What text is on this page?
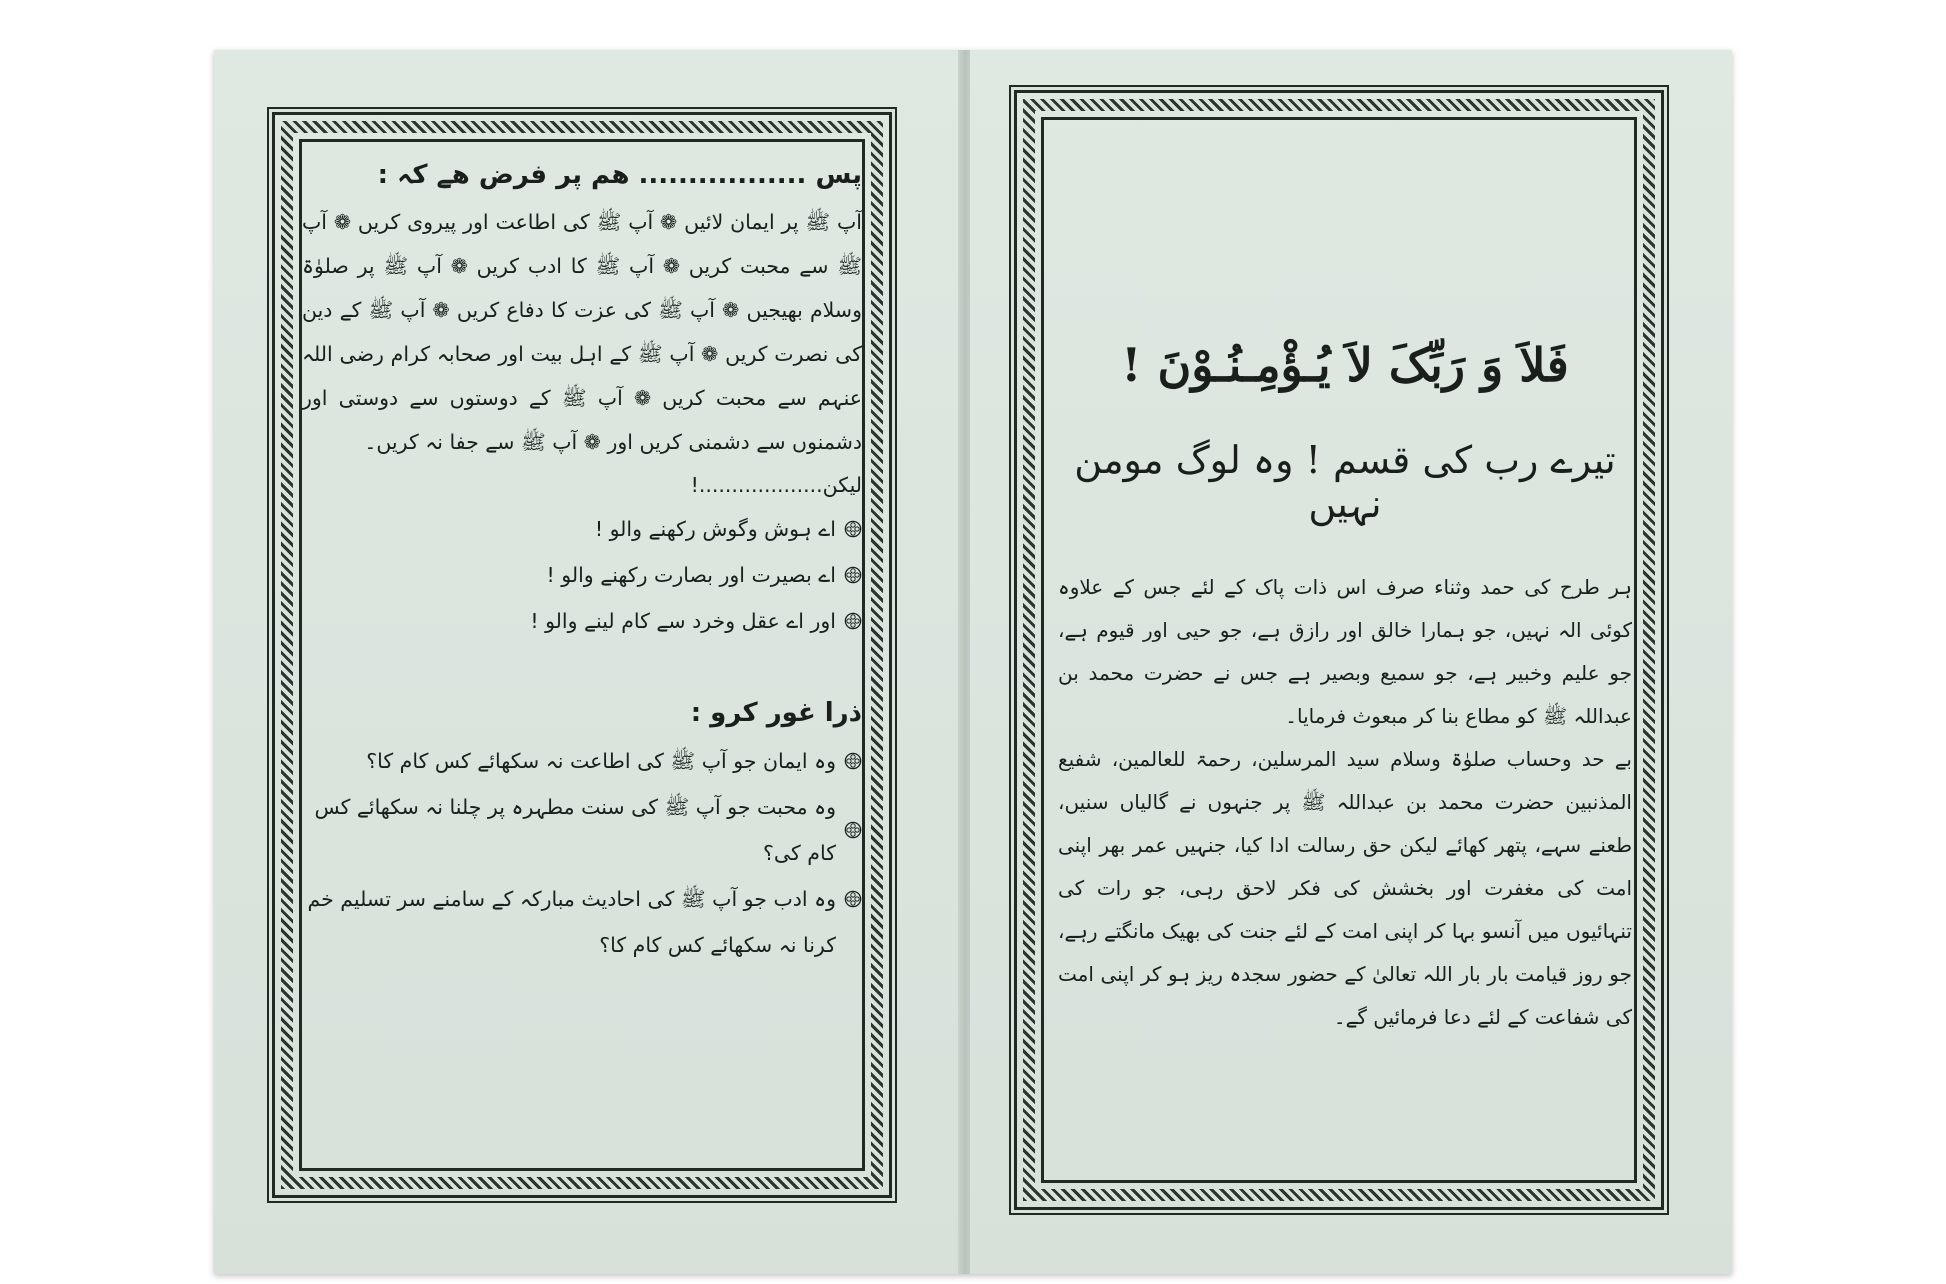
پس ................. ھم پر فرض ھے کہ :

آپ ﷺ پر ایمان لائیں ❁ آپ ﷺ کی اطاعت اور پیروی کریں ❁ آپ ﷺ سے محبت کریں ❁ آپ ﷺ کا ادب کریں ❁ آپ ﷺ پر صلوٰۃ وسلام بھیجیں ❁ آپ ﷺ کی عزت کا دفاع کریں ❁ آپ ﷺ کے دین کی نصرت کریں ❁ آپ ﷺ کے اہل بیت اور صحابہ کرام رضی اللہ عنہم سے محبت کریں ❁ آپ ﷺ کے دوستوں سے دوستی اور دشمنوں سے دشمنی کریں اور ❁ آپ ﷺ سے جفا نہ کریں۔

لیکن...................!
اے ہوش وگوش رکھنے والو !
اے بصیرت اور بصارت رکھنے والو !
اور اے عقل وخرد سے کام لینے والو !
ذرا غور کرو :
وہ ایمان جو آپ ﷺ کی اطاعت نہ سکھائے کس کام کا؟
وہ محبت جو آپ ﷺ کی سنت مطہرہ پر چلنا نہ سکھائے کس کام کی؟
وہ ادب جو آپ ﷺ کی احادیث مبارکہ کے سامنے سر تسلیم خم کرنا نہ سکھائے کس کام کا؟
فَلاَ وَ رَبِّکَ لاَ يُـؤْمِـنُـوْنَ !
تیرے رب کی قسم ! وہ لوگ مومن نہیں

ہر طرح کی حمد وثناء صرف اس ذات پاک کے لئے جس کے علاوہ کوئی الہ نہیں، جو ہمارا خالق اور رازق ہے، جو حیی اور قیوم ہے، جو علیم وخبیر ہے، جو سمیع وبصیر ہے جس نے حضرت محمد بن عبداللہ ﷺ کو مطاع بنا کر مبعوث فرمایا۔

بے حد وحساب صلوٰۃ وسلام سید المرسلین، رحمۃ للعالمین، شفیع المذنبین حضرت محمد بن عبداللہ ﷺ پر جنہوں نے گالیاں سنیں، طعنے سہے، پتھر کھائے لیکن حق رسالت ادا کیا، جنہیں عمر بھر اپنی امت کی مغفرت اور بخشش کی فکر لاحق رہی، جو رات کی تنہائیوں میں آنسو بہا کر اپنی امت کے لئے جنت کی بھیک مانگتے رہے، جو روز قیامت بار بار اللہ تعالیٰ کے حضور سجدہ ریز ہو کر اپنی امت کی شفاعت کے لئے دعا فرمائیں گے۔
